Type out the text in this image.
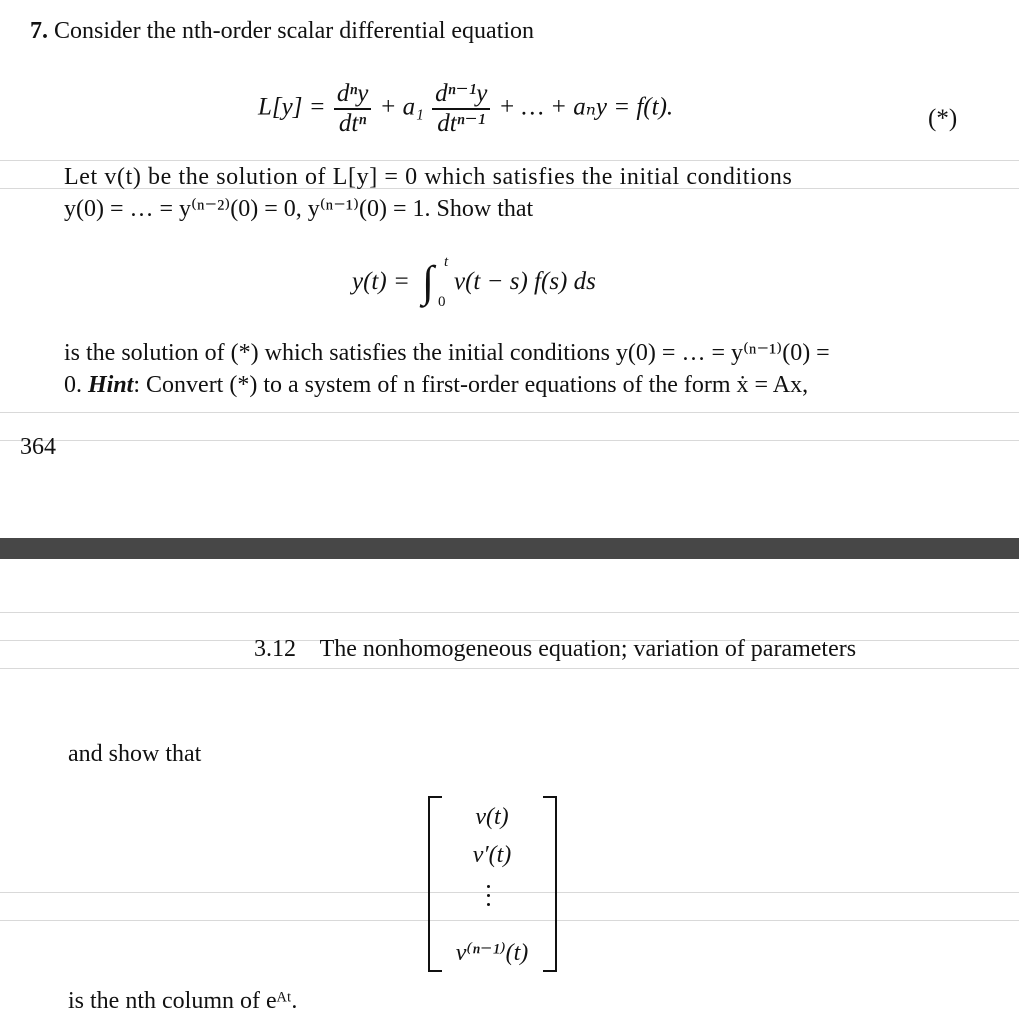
7. Consider the nth-order scalar differential equation
$L[y] = \frac{\text{dⁿy}}{\text{dtⁿ}} + a_1 \frac{\text{dⁿ⁻¹y}}{\text{dtⁿ⁻¹}}$ + … + aₙy = f(t).	(*)
Let v(t) be the solution of L[y] = 0 which satisfies the initial conditions
y(0) = … = y⁽ⁿ⁻²⁾(0) = 0, y⁽ⁿ⁻¹⁾(0) = 1. Show that
y(t) = ∫ t
0
v(t − s) f(s) ds
is the solution of (*) which satisfies the initial conditions y(0) = … = y⁽ⁿ⁻¹⁾(0) =
0. Hint: Convert (*) to a system of n first-order equations of the form ẋ = Ax,
364
3.12 The nonhomogeneous equation; variation of parameters
and show that
v(t)
v′(t)
v⁽ⁿ⁻¹⁾(t)
is the nth column of eᴬᵗ.
